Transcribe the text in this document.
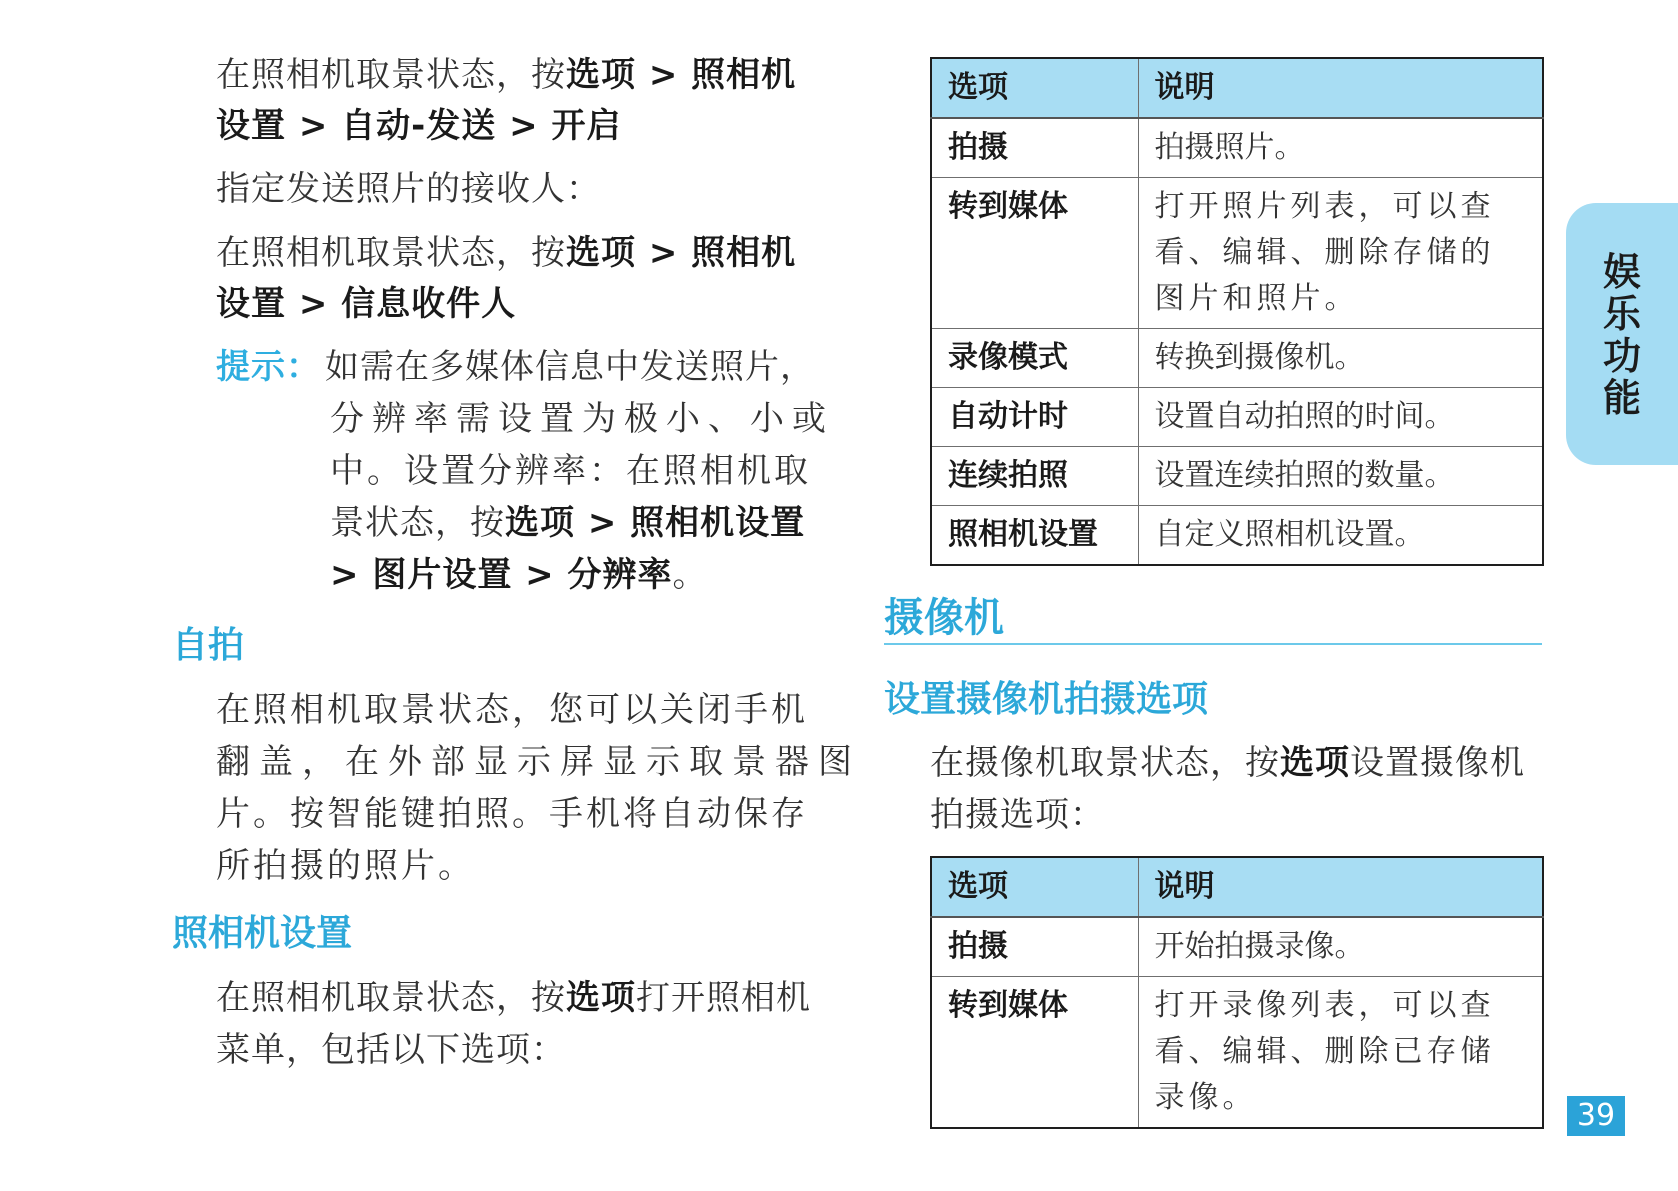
在照相机取景状态，按选项 > 照相机
设置 > 自动-发送 > 开启
指定发送照片的接收人：
在照相机取景状态，按选项 > 照相机
设置 > 信息收件人
提示： 如需在多媒体信息中发送照片，
分辨率需设置为极小、小或
中。设置分辨率：在照相机取
景状态，按选项 > 照相机设置
> 图片设置 > 分辨率。
自拍
在照相机取景状态，您可以关闭手机
翻盖，在外部显示屏显示取景器图
片。按智能键拍照。手机将自动保存
所拍摄的照片。
照相机设置
在照相机取景状态，按选项打开照相机
菜单，包括以下选项：
选项	说明
拍摄	拍摄照片。
转到媒体	打开照片列表，可以查看、编辑、删除存储的图片和照片。
录像模式	转换到摄像机。
自动计时	设置自动拍照的时间。
连续拍照	设置连续拍照的数量。
照相机设置	自定义照相机设置。
摄像机
设置摄像机拍摄选项
在摄像机取景状态，按选项设置摄像机
拍摄选项：
选项	说明
拍摄	开始拍摄录像。
转到媒体	打开录像列表，可以查看、编辑、删除已存储录像。
娱
乐
功
能
39
